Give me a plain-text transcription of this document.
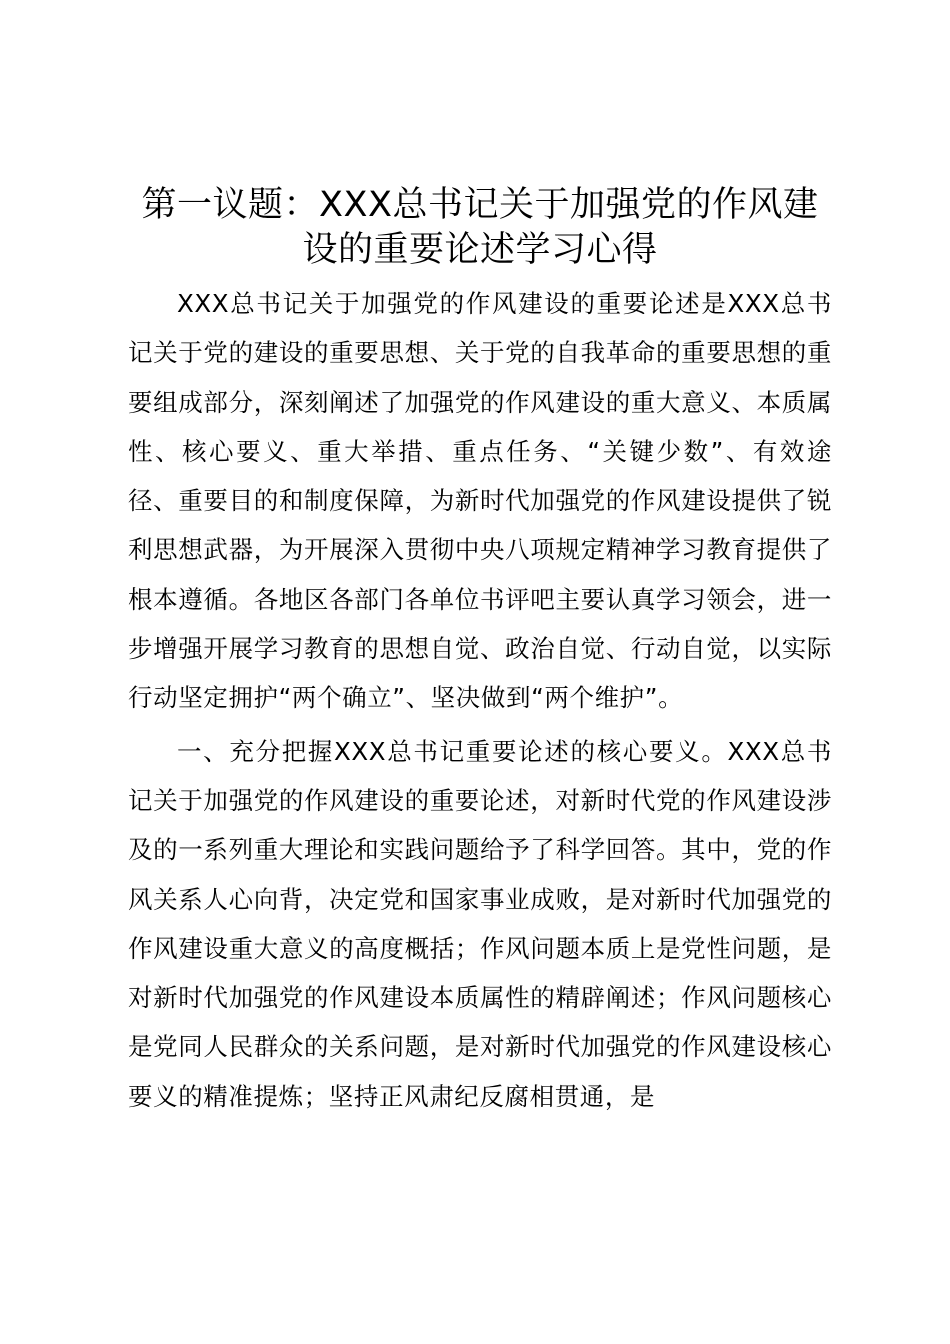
第一议题：XXX总书记关于加强党的作风建
设的重要论述学习心得

XXX总书记关于加强党的作风建设的重要论述是XXX总书记关于党的建设的重要思想、关于党的自我革命的重要思想的重要组成部分，深刻阐述了加强党的作风建设的重大意义、本质属性、核心要义、重大举措、重点任务、“关键少数”、有效途径、重要目的和制度保障，为新时代加强党的作风建设提供了锐利思想武器，为开展深入贯彻中央八项规定精神学习教育提供了根本遵循。各地区各部门各单位书评吧主要认真学习领会，进一步增强开展学习教育的思想自觉、政治自觉、行动自觉，以实际行动坚定拥护“两个确立”、坚决做到“两个维护”。

一、充分把握XXX总书记重要论述的核心要义。XXX总书记关于加强党的作风建设的重要论述，对新时代党的作风建设涉及的一系列重大理论和实践问题给予了科学回答。其中，党的作风关系人心向背，决定党和国家事业成败，是对新时代加强党的作风建设重大意义的高度概括；作风问题本质上是党性问题，是对新时代加强党的作风建设本质属性的精辟阐述；作风问题核心是党同人民群众的关系问题，是对新时代加强党的作风建设核心要义的精准提炼；坚持正风肃纪反腐相贯通，是
